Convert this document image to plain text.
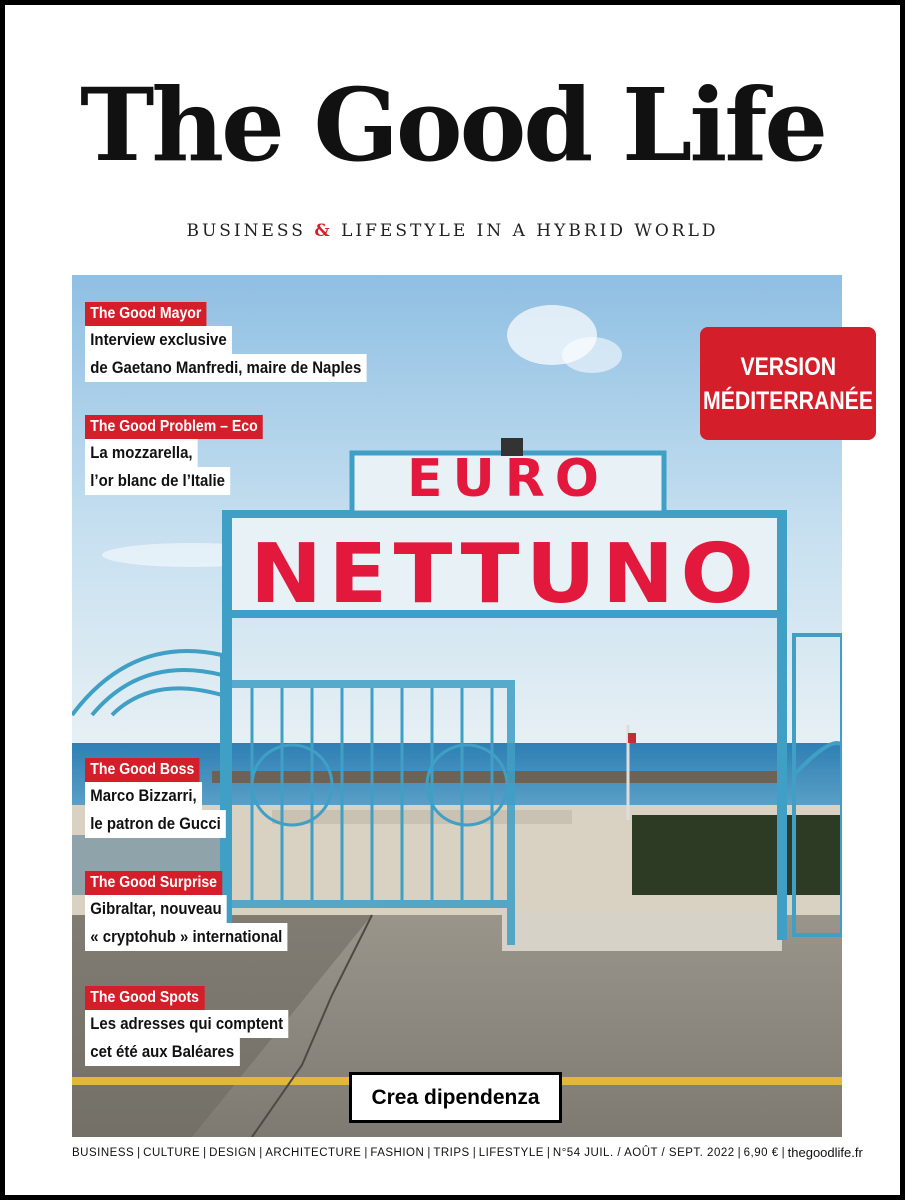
The Good Life
BUSINESS & LIFESTYLE IN A HYBRID WORLD
EURO
NETTUNO
The Good Mayor
Interview exclusive
de Gaetano Manfredi, maire de Naples
The Good Problem – Eco
La mozzarella,
l’or blanc de l’Italie
The Good Boss
Marco Bizzarri,
le patron de Gucci
The Good Surprise
Gibraltar, nouveau
« cryptohub » international
The Good Spots
Les adresses qui comptent
cet été aux Baléares
VERSION
MÉDITERRANÉE
Crea dipendenza
BUSINESS | CULTURE | DESIGN | ARCHITECTURE | FASHION | TRIPS | LIFESTYLE | N°54 JUIL. / AOÛT / SEPT. 2022 | 6,90 € | thegoodlife.fr
